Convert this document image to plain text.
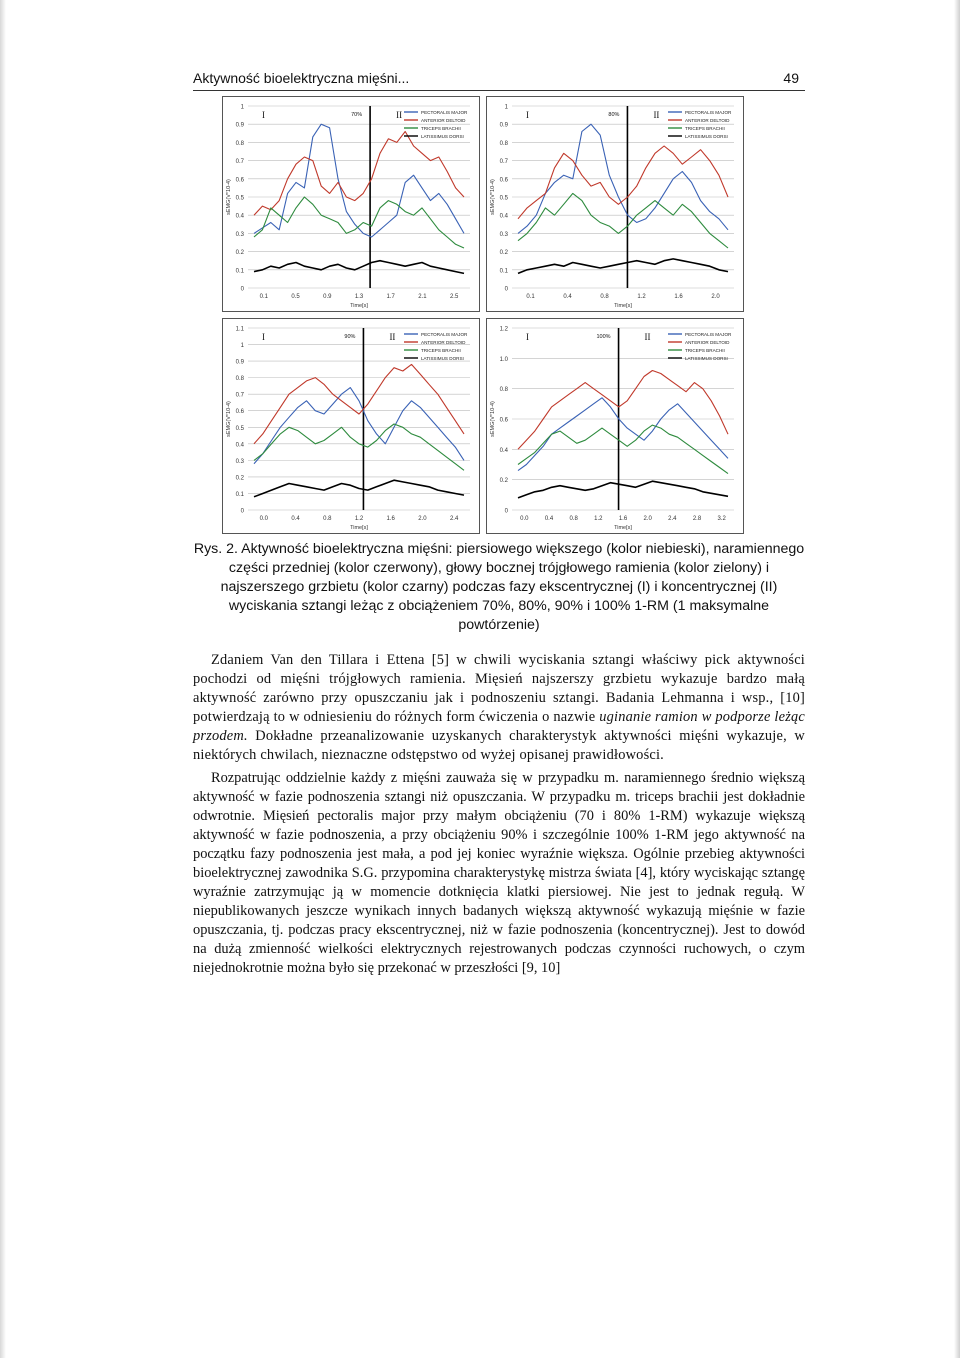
Aktywność bioelektryczna mięśni...	49
0
0.1
0.2
0.3
0.4
0.5
0.6
0.7
0.8
0.9
1
0.1	0.5	0.9	1.3	1.7	2.1	2.5
Time[s]
sEMG(V*10-4)
I	II
70%	PECTORALIS MAJOR
ANTERIOR DELTOID
TRICEPS BRACHII
LATISSIMUS DORSI
0
0.1
0.2
0.3
0.4
0.5
0.6
0.7
0.8
0.9
1
0.1	0.4	0.8	1.2	1.6	2.0
Time[s]
sEMG(V*10-4)
I	II
80%	PECTORALIS MAJOR
ANTERIOR DELTOID
TRICEPS BRACHII
LATISSIMUS DORSI
0
0.1
0.2
0.3
0.4
0.5
0.6
0.7
0.8
0.9
1
1.1
0.0	0.4	0.8	1.2	1.6	2.0	2.4
Time[s]
sEMG(V*10-4)
I	II
90%	PECTORALIS MAJOR
ANTERIOR DELTOID
TRICEPS BRACHII
LATISSIMUS DORSI
0
0.2
0.4
0.6
0.8
1.0
1.2
0.0	0.4	0.8	1.2	1.6	2.0	2.4	2.8	3.2
Time[s]
sEMG(V*10-4)
I	II
100%	PECTORALIS MAJOR
ANTERIOR DELTOID
TRICEPS BRACHII
LATISSIMUS DORSI
Rys. 2. Aktywność bioelektryczna mięśni: piersiowego większego (kolor niebieski), naramiennego części przedniej (kolor czerwony), głowy bocznej trójgłowego ramienia (kolor zielony) i najszerszego grzbietu (kolor czarny) podczas fazy ekscentrycznej (I) i koncentrycznej (II) wyciskania sztangi leżąc z obciążeniem 70%, 80%, 90% i 100% 1-RM (1 maksymalne powtórzenie)

Zdaniem Van den Tillara i Ettena [5] w chwili wyciskania sztangi właściwy pick aktywności pochodzi od mięśni trójgłowych ramienia. Mięsień najszerszy grzbietu wykazuje bardzo małą aktywność zarówno przy opuszczaniu jak i podnoszeniu sztangi. Badania Lehmanna i wsp., [10] potwierdzają to w odniesieniu do różnych form ćwiczenia o nazwie uginanie ramion w podporze leżąc przodem. Dokładne przeanalizowanie uzyskanych charakterystyk aktywności mięśni wykazuje, w niektórych chwilach, nieznaczne odstępstwo od wyżej opisanej prawidłowości.

Rozpatrując oddzielnie każdy z mięśni zauważa się w przypadku m. naramiennego średnio większą aktywność w fazie podnoszenia sztangi niż opuszczania. W przypadku m. triceps brachii jest dokładnie odwrotnie. Mięsień pectoralis major przy małym obciążeniu (70 i 80% 1-RM) wykazuje większą aktywność w fazie podnoszenia, a przy obciążeniu 90% i szczególnie 100% 1-RM jego aktywność na początku fazy podnoszenia jest mała, a pod jej koniec wyraźnie większa. Ogólnie przebieg aktywności bioelektrycznej zawodnika S.G. przypomina charakterystykę mistrza świata [4], który wyciskając sztangę wyraźnie zatrzymując ją w momencie dotknięcia klatki piersiowej. Nie jest to jednak regułą. W niepublikowanych jeszcze wynikach innych badanych większą aktywność wykazują mięśnie w fazie opuszczania, tj. podczas pracy ekscentrycznej, niż w fazie podnoszenia (koncentrycznej). Jest to dowód na dużą zmienność wielkości elektrycznych rejestrowanych podczas czynności ruchowych, o czym niejednokrotnie można było się przekonać w przeszłości [9, 10]
